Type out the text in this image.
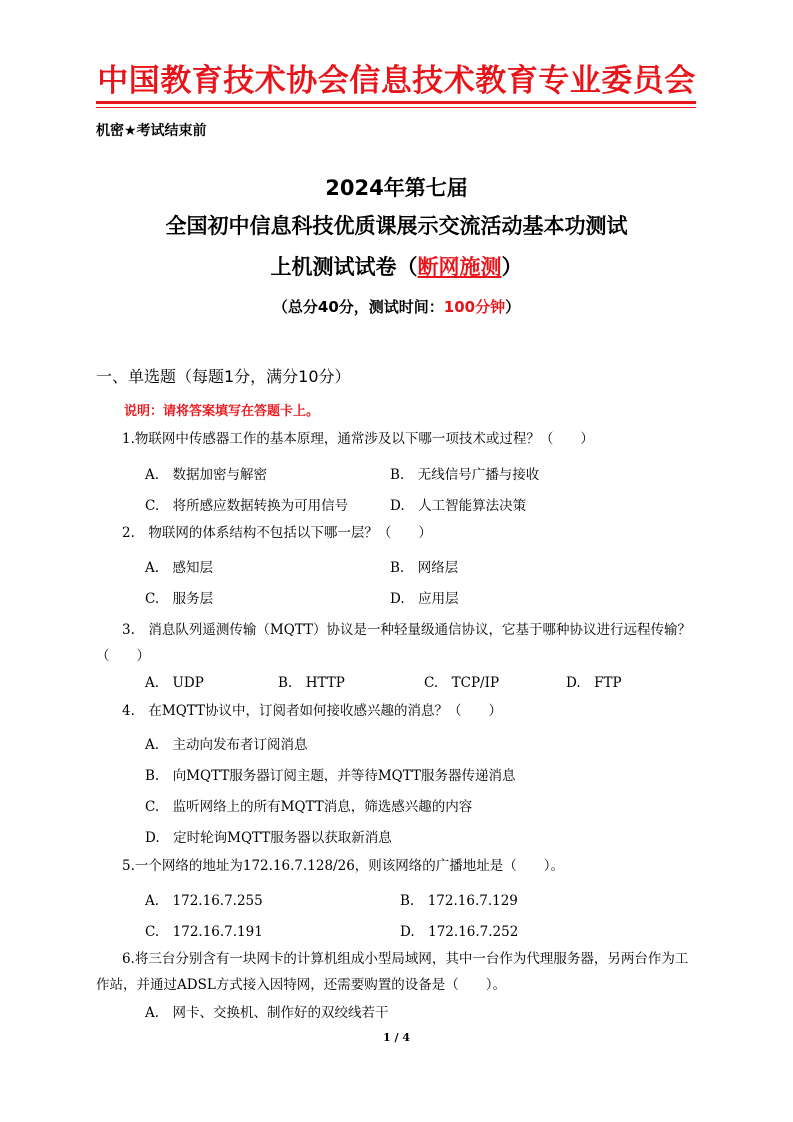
中国教育技术协会信息技术教育专业委员会
机密★考试结束前
2024年第七届
全国初中信息科技优质课展示交流活动基本功测试
上机测试试卷（断网施测）
（总分40分，测试时间：100分钟）
一、单选题（每题1分，满分10分）
说明：请将答案填写在答题卡上。
1.物联网中传感器工作的基本原理，通常涉及以下哪一项技术或过程？（　　）
A.　数据加密与解密	B.　无线信号广播与接收
C.　将所感应数据转换为可用信号	D.　人工智能算法决策
2.　物联网的体系结构不包括以下哪一层？（　　）
A.　感知层	B.　网络层
C.　服务层	D.　应用层
3.　消息队列遥测传输（MQTT）协议是一种轻量级通信协议，它基于哪种协议进行远程传输？（　　）
A.　UDP	B.　HTTP	C.　TCP/IP	D.　FTP
4.　在MQTT协议中，订阅者如何接收感兴趣的消息？（　　）
A.　主动向发布者订阅消息
B.　向MQTT服务器订阅主题，并等待MQTT服务器传递消息
C.　监听网络上的所有MQTT消息，筛选感兴趣的内容
D.　定时轮询MQTT服务器以获取新消息
5.一个网络的地址为172.16.7.128/26，则该网络的广播地址是（　　）。
A.　172.16.7.255	B.　172.16.7.129
C.　172.16.7.191	D.　172.16.7.252
6.将三台分别含有一块网卡的计算机组成小型局域网，其中一台作为代理服务器，另两台作为工作站，并通过ADSL方式接入因特网，还需要购置的设备是（　　）。
A.　网卡、交换机、制作好的双绞线若干
1 / 4
